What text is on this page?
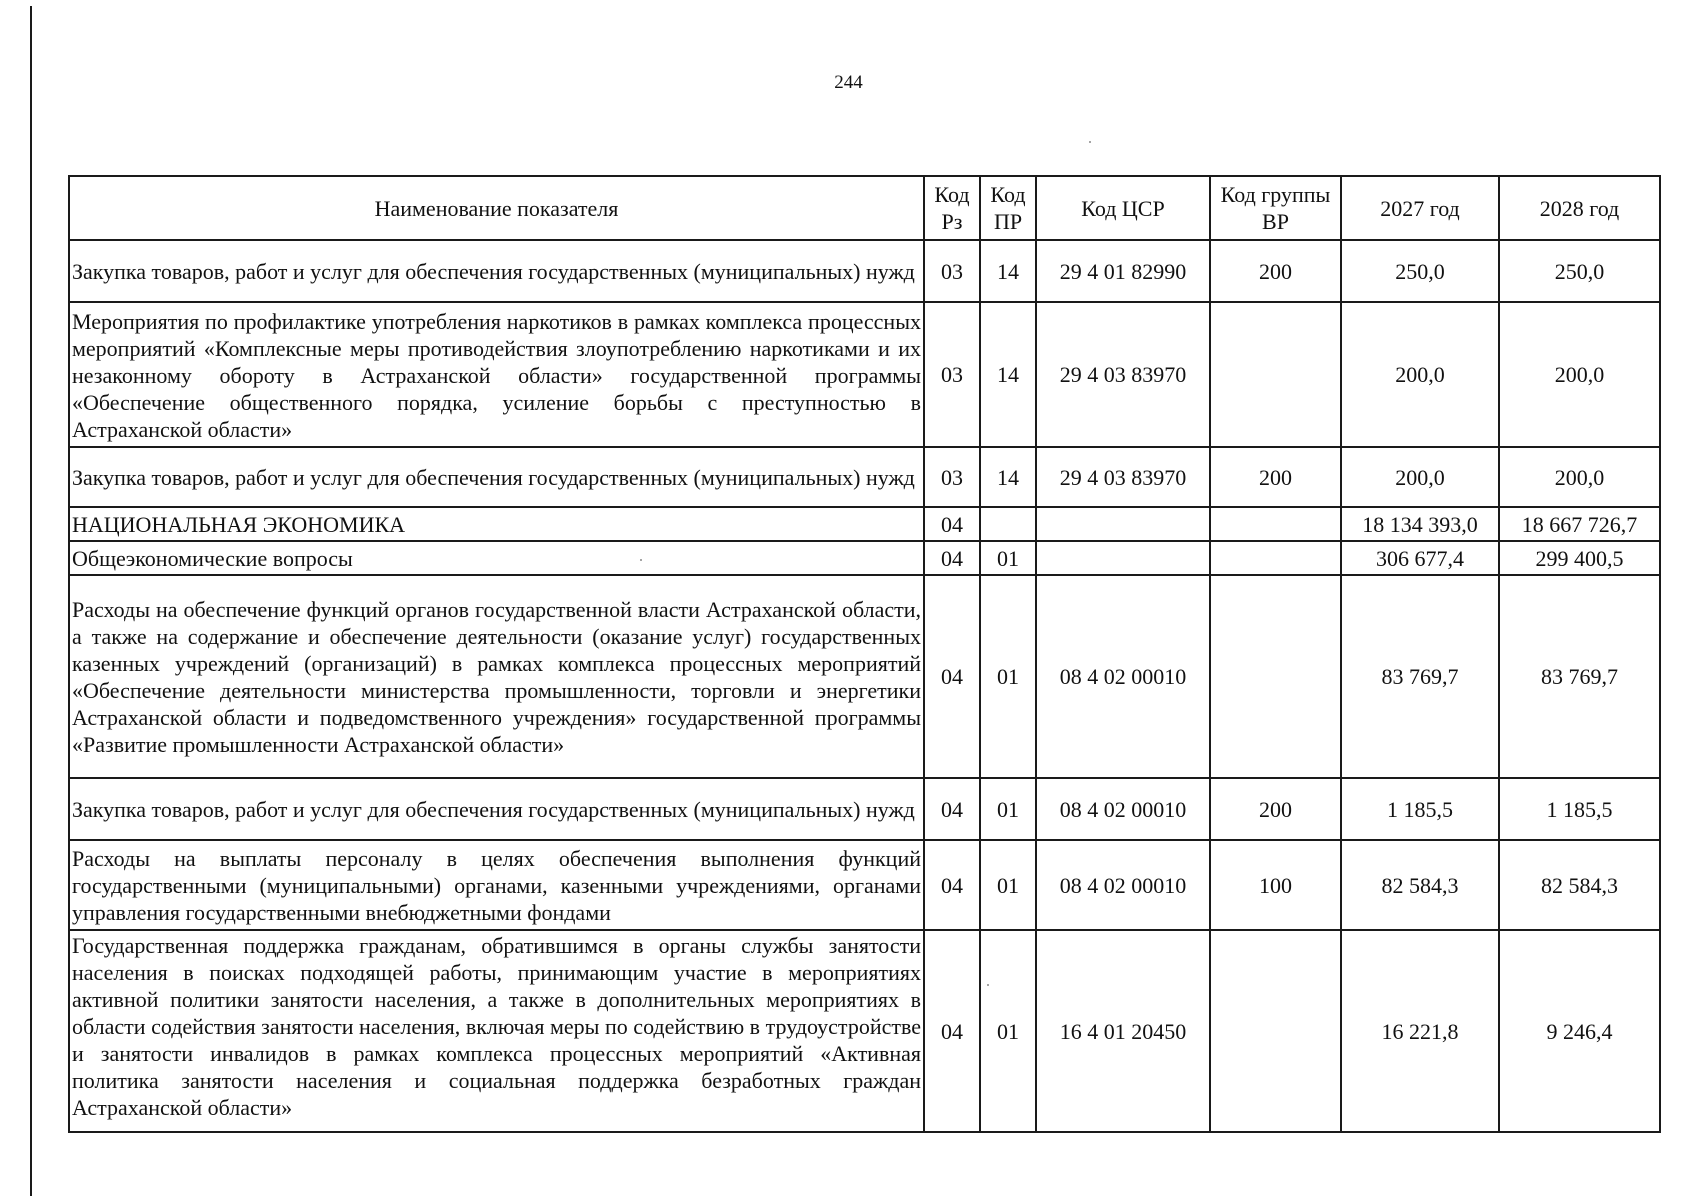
244
Наименование показателя	Код Рз	Код ПР	Код ЦСР	Код группы ВР	2027 год	2028 год
Закупка товаров, работ и услуг для обеспечения государственных (муниципальных) нужд	03	14	29 4 01 82990	200	250,0	250,0
Мероприятия по профилактике употребления наркотиков в рамках комплекса процессных мероприятий «Комплексные меры противодействия злоупотреблению наркотиками и их незаконному обороту в Астраханской области» государственной программы «Обеспечение общественного порядка, усиление борьбы с преступностью в Астраханской области»	03	14	29 4 03 83970		200,0	200,0
Закупка товаров, работ и услуг для обеспечения государственных (муниципальных) нужд	03	14	29 4 03 83970	200	200,0	200,0
НАЦИОНАЛЬНАЯ ЭКОНОМИКА	04				18 134 393,0	18 667 726,7
Общеэкономические вопросы	04	01			306 677,4	299 400,5
Расходы на обеспечение функций органов государственной власти Астраханской области, а также на содержание и обеспечение деятельности (оказание услуг) государственных казенных учреждений (организаций) в рамках комплекса процессных мероприятий «Обеспечение деятельности министерства промышленности, торговли и энергетики Астраханской области и подведомственного учреждения» государственной программы «Развитие промышленности Астраханской области»	04	01	08 4 02 00010		83 769,7	83 769,7
Закупка товаров, работ и услуг для обеспечения государственных (муниципальных) нужд	04	01	08 4 02 00010	200	1 185,5	1 185,5
Расходы на выплаты персоналу в целях обеспечения выполнения функций государственными (муниципальными) органами, казенными учреждениями, органами управления государственными внебюджетными фондами	04	01	08 4 02 00010	100	82 584,3	82 584,3
Государственная поддержка гражданам, обратившимся в органы службы занятости населения в поисках подходящей работы, принимающим участие в мероприятиях активной политики занятости населения, а также в дополнительных мероприятиях в области содействия занятости населения, включая меры по содействию в трудоустройстве и занятости инвалидов в рамках комплекса процессных мероприятий «Активная политика занятости населения и социальная поддержка безработных граждан Астраханской области»	04	01	16 4 01 20450		16 221,8	9 246,4
